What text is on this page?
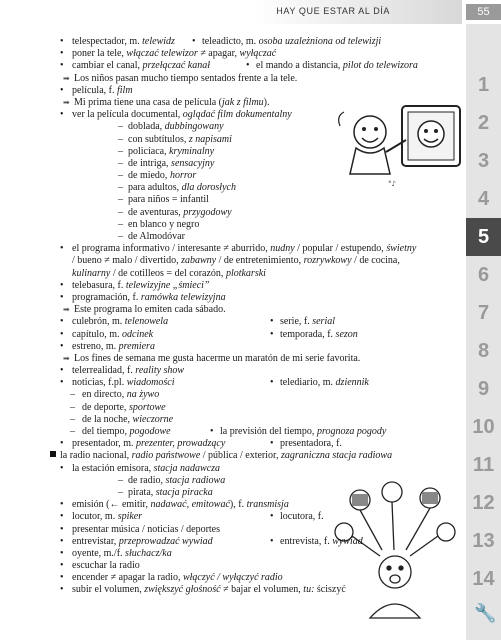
HAY QUE ESTAR AL DÍA	55
1
2
3
4
5
6
7
8
9
10
11
12
13
14
🔧
°♪
• telespectador, m. telewidz	• teleadicto, m. osoba uzależniona od telewizji
• poner la tele, włączać telewizor ≠ apagar, wyłączać
• cambiar el canal, przełączać kanał	• el mando a distancia, pilot do telewizora
➡ Los niños pasan mucho tiempo sentados frente a la tele.
• película, f. film
➡ Mi prima tiene una casa de película (jak z filmu).
• ver la película documental, oglądać film dokumentalny
– doblada, dubbingowany
– con subtítulos, z napisami
– policíaca, kryminalny
– de intriga, sensacyjny
– de miedo, horror
– para adultos, dla dorosłych
– para niños = infantil
– de aventuras, przygodowy
– en blanco y negro
– de Almodóvar
• el programa informativo / interesante ≠ aburrido, nudny / popular / estupendo, świetny
/ bueno ≠ malo / divertido, zabawny / de entretenimiento, rozrywkowy / de cocina,
kulinarny / de cotilleos = del corazón, plotkarski
• telebasura, f. telewizyjne „śmieci”
• programación, f. ramówka telewizyjna
➡ Este programa lo emiten cada sábado.
• culebrón, m. telenowela	• serie, f. serial
• capítulo, m. odcinek	• temporada, f. sezon
• estreno, m. premiera
➡ Los fines de semana me gusta hacerme un maratón de mi serie favorita.
• telerrealidad, f. reality show
• noticias, f.pl. wiadomości	• telediario, m. dziennik
– en directo, na żywo
– de deporte, sportowe
– de la noche, wieczorne
– del tiempo, pogodowe	• la previsión del tiempo, prognoza pogody
• presentador, m. prezenter, prowadzący	• presentadora, f.
la radio nacional, radio państwowe / pública / exterior, zagraniczna stacja radiowa
• la estación emisora, stacja nadawcza
– de radio, stacja radiowa
– pirata, stacja piracka
• emisión (← emitir, nadawać, emitować), f. transmisja
• locutor, m. spiker	• locutora, f.
• presentar música / noticias / deportes
• entrevistar, przeprowadzać wywiad	• entrevista, f. wywiad
• oyente, m./f. słuchacz/ka
• escuchar la radio
• encender ≠ apagar la radio, włączyć / wyłączyć radio
• subir el volumen, zwiększyć głośność ≠ bajar el volumen, tu: ściszyć
